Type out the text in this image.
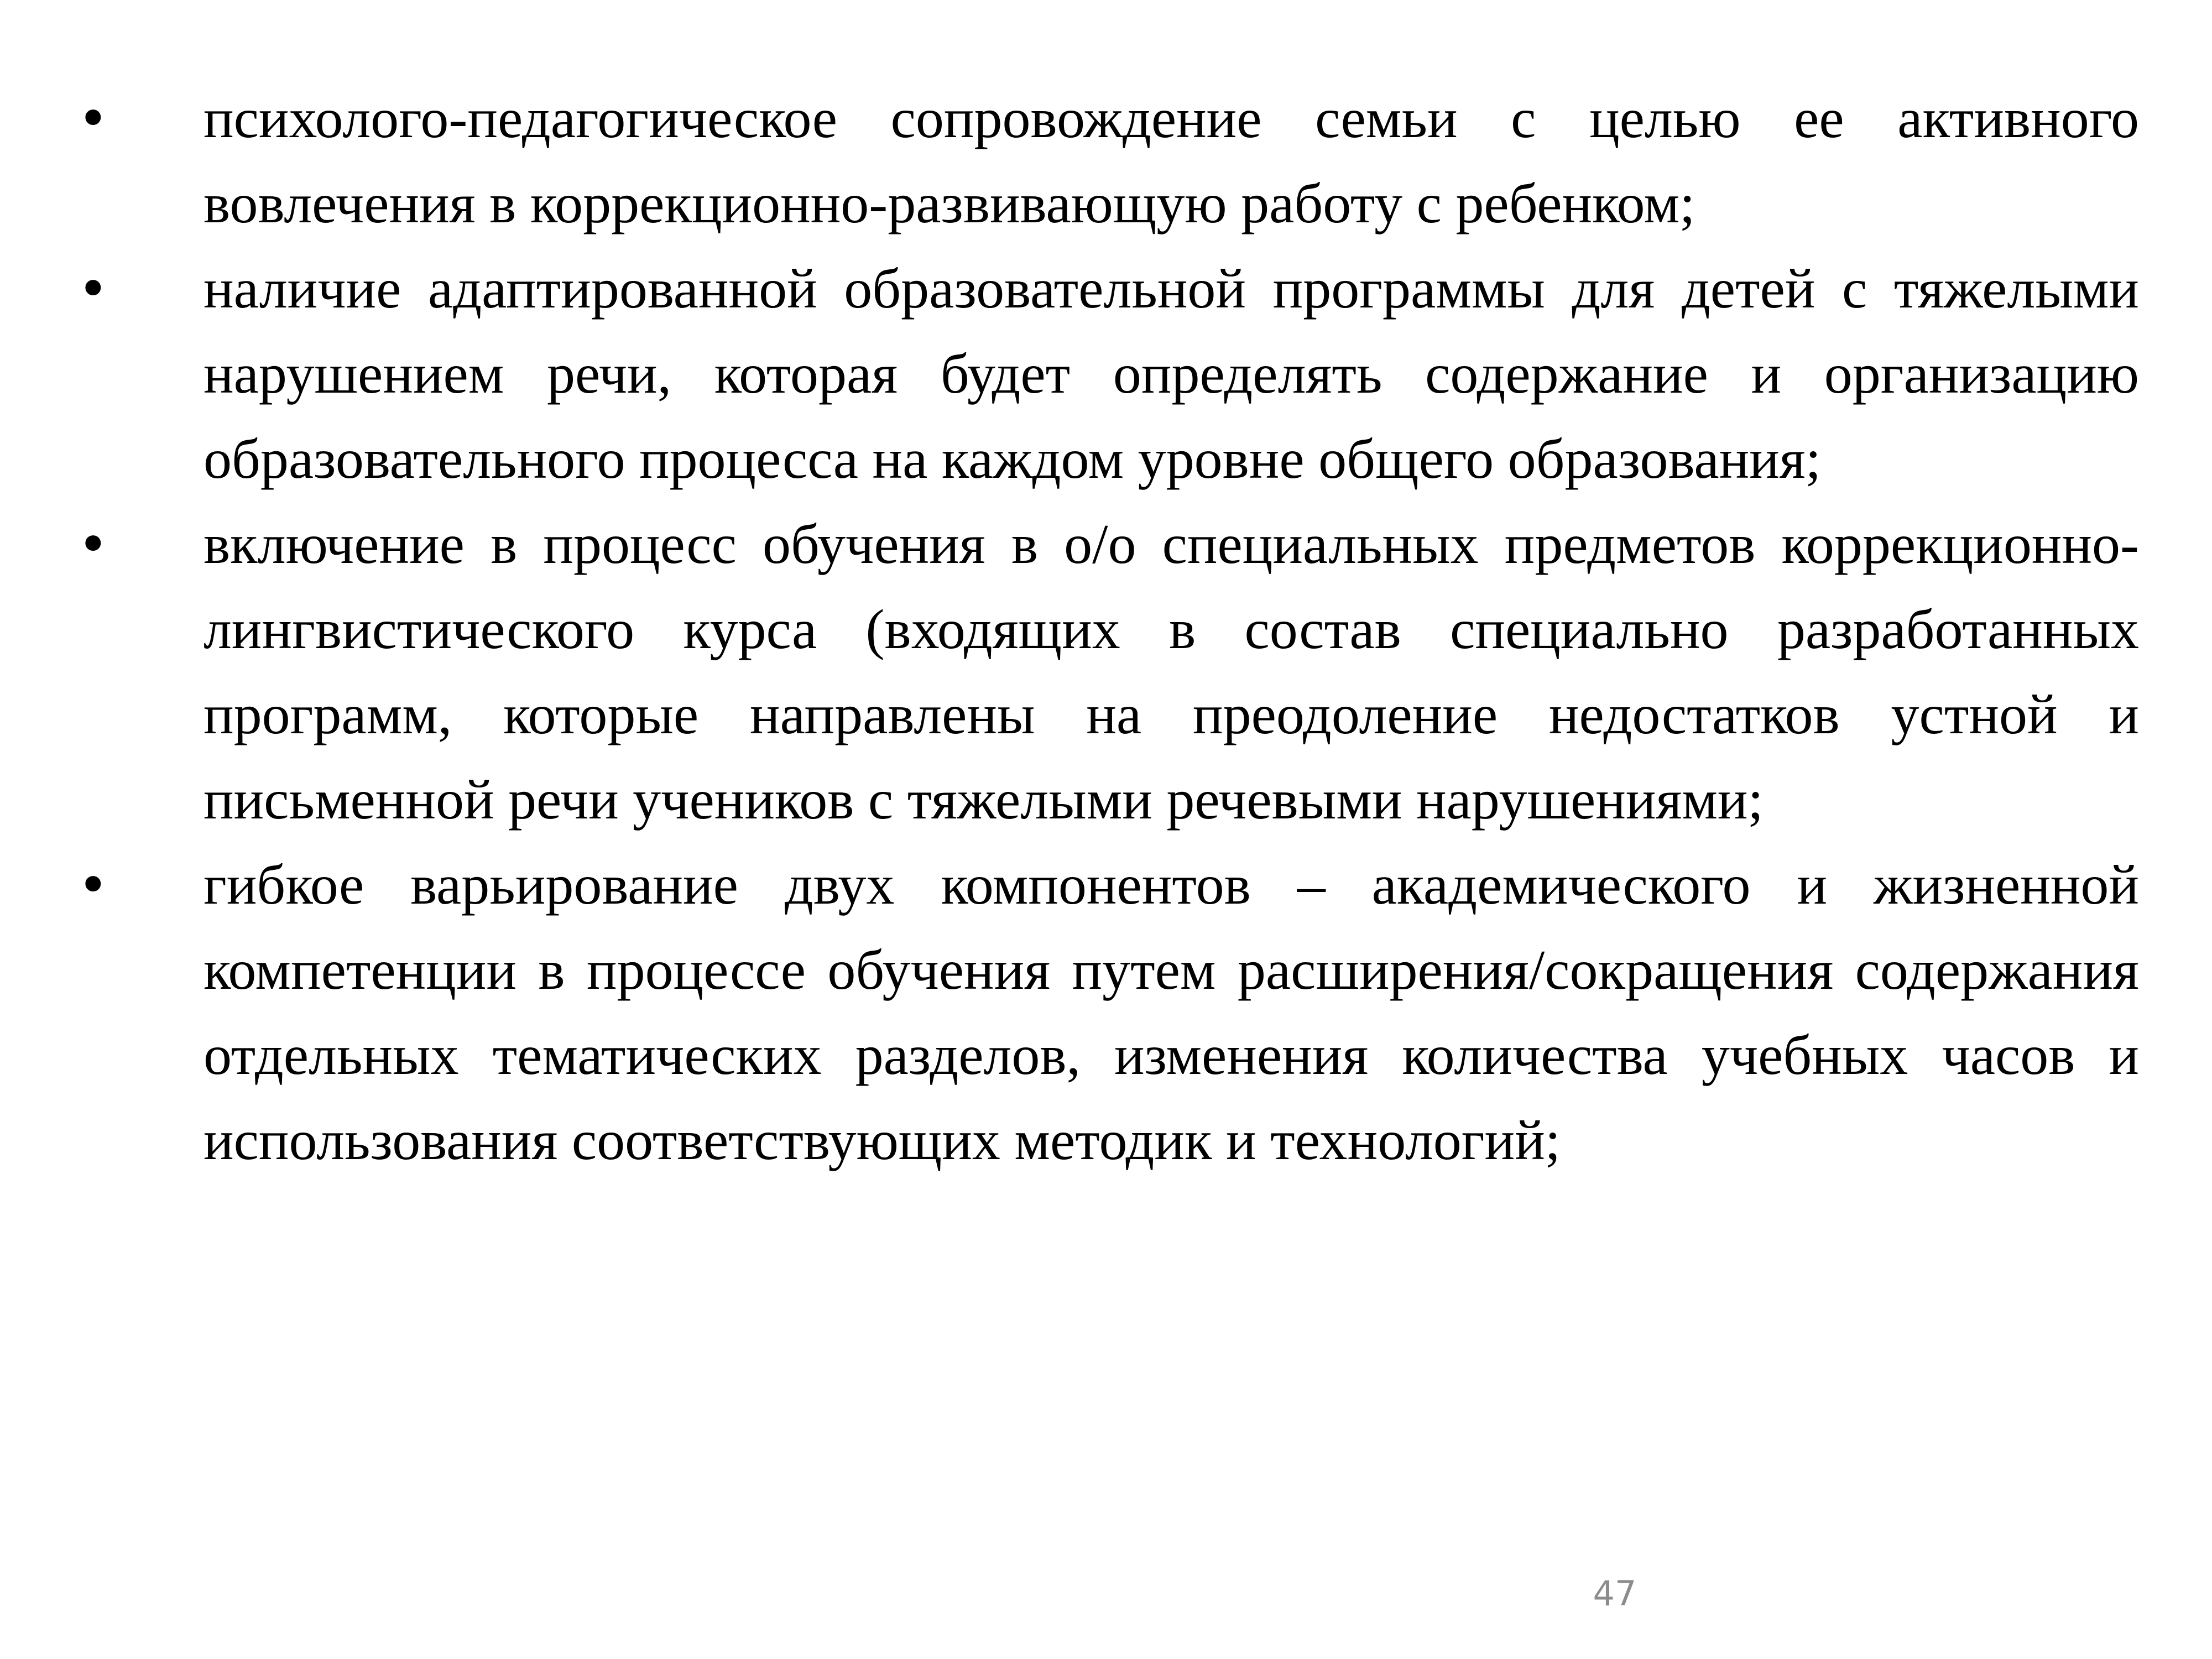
• психолого-педагогическое сопровождение семьи с целью ее активного вовлечения в коррекционно-развивающую работу с ребенком;
• наличие адаптированной образовательной программы для детей с тяжелыми нарушением речи, которая будет определять содержание и организацию образовательного процесса на каждом уровне общего образования;
• включение в процесс обучения в о/о специальных предметов коррекционно-лингвистического курса (входящих в состав специально разработанных программ, которые направлены на преодоление недостатков устной и письменной речи учеников с тяжелыми речевыми нарушениями;
• гибкое варьирование двух компонентов – академического и жизненной компетенции в процессе обучения путем расширения/сокращения содержания отдельных тематических разделов, изменения количества учебных часов и использования соответствующих методик и технологий;
47
